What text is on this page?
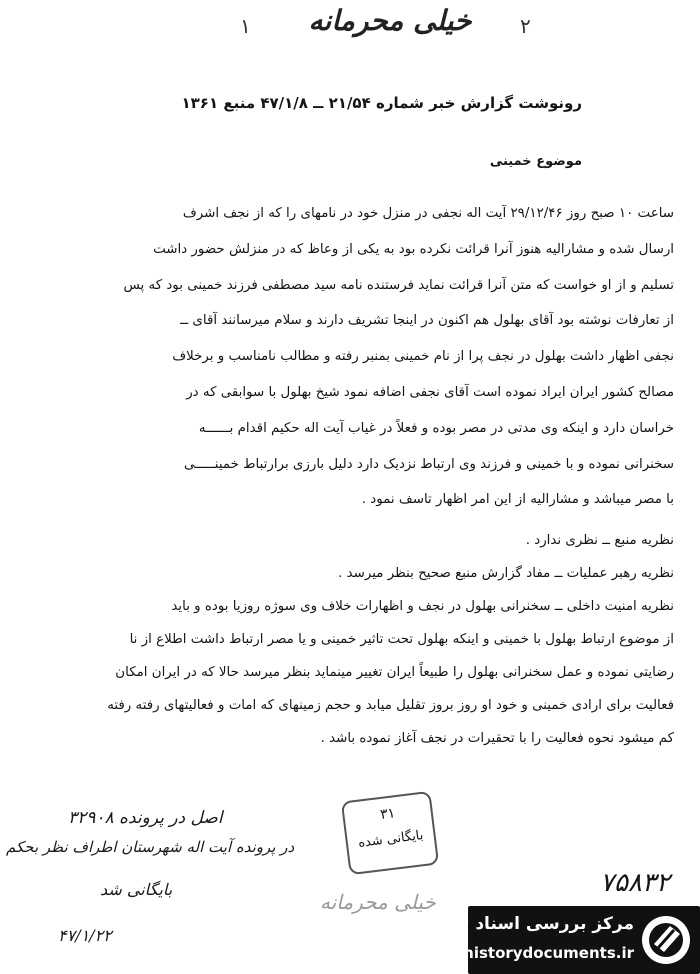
۱	خیلی محرمانه	۲
رونوشت گزارش خبر شماره ۲۱/۵۴ ــ ۴۷/۱/۸ منبع ۱۳۶۱
موضوع خمینی
ساعت ۱۰ صبح روز ۲۹/۱۲/۴۶ آیت اله نجفی در منزل خود در نامهای را که از نجف اشرف
ارسال شده و مشارالیه هنوز آنرا قرائت نکرده بود به یکی از وعاظ که در منزلش حضور داشت
تسلیم و از او خواست که متن آنرا قرائت نماید فرستنده نامه سید مصطفی فرزند خمینی بود که پس
از تعارفات نوشته بود آقای بهلول هم اکنون در اینجا تشریف دارند و سلام میرسانند آقای ــ
نجفی اظهار داشت بهلول در نجف پرا از نام خمینی بمنبر رفته و مطالب نامناسب و برخلاف
مصالح کشور ایران ایراد نموده است آقای نجفی اضافه نمود شیخ بهلول با سوابقی که در
خراسان دارد و اینکه وی مدتی در مصر بوده و فعلاً در غیاب آیت اله حکیم اقدام بــــــه
سخنرانی نموده و با خمینی و فرزند وی ارتباط نزدیک دارد دلیل بارزی برارتباط خمینـــــی
با مصر میباشد و مشارالیه از این امر اظهار تاسف نمود .
نظریه منبع ــ نظری ندارد .
نظریه رهبر عملیات ــ مفاد گزارش منبع صحیح بنظر میرسد .
نظریه امنیت داخلی ــ سخنرانی بهلول در نجف و اظهارات خلاف وی سوژه روزیا بوده و باید
از موضوع ارتباط بهلول با خمینی و اینکه بهلول تحت تاثیر خمینی و یا مصر ارتباط داشت اطلاع از نا
رضایتی نموده و عمل سخنرانی بهلول را طبیعاً ایران تغییر مینماید بنظر میرسد حالا که در ایران امکان
فعالیت برای ارادی خمینی و خود او روز بروز تقلیل میابد و حجم زمینهای که امات و فعالیتهای رفته رفته
کم میشود نحوه فعالیت را با تحقیرات در نجف آغاز نموده باشد .
اصل در پرونده ۳۲۹۰۸
در پرونده آیت اله شهرستان اطراف نظر بحکم
بایگانی شد
۴۷/۱/۲۲
۳۱
بایگانی شده
خیلی محرمانه
۷۵۸۳۲
مرکز بررسی اسناد تاریخی
historydocuments.ir
